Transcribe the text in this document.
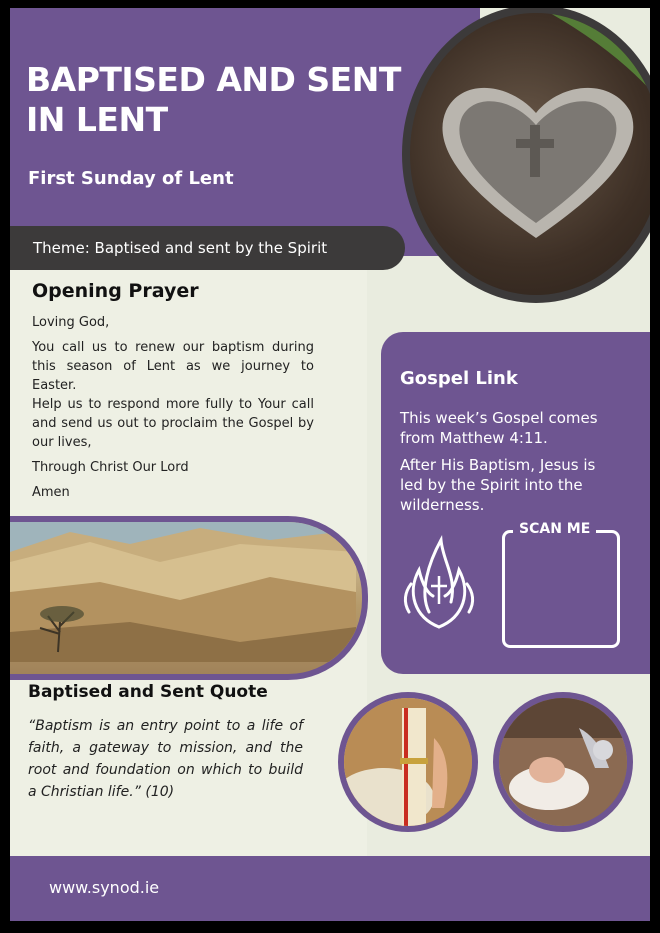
BAPTISED AND SENT IN LENT
First Sunday of Lent
Theme: Baptised and sent by the Spirit
Opening Prayer

Loving God,

You call us to renew our baptism during this season of Lent as we journey to Easter.

Help us to respond more fully to Your call and send us out to proclaim the Gospel by our lives,

Through Christ Our Lord

Amen

Baptised and Sent Quote

“Baptism is an entry point to a life of faith, a gateway to mission, and the root and foundation on which to build a Christian life.” (10)

Gospel Link

This week’s Gospel comes from Matthew 4:11.

After His Baptism, Jesus is led by the Spirit into the wilderness.

SCAN ME
www.synod.ie
